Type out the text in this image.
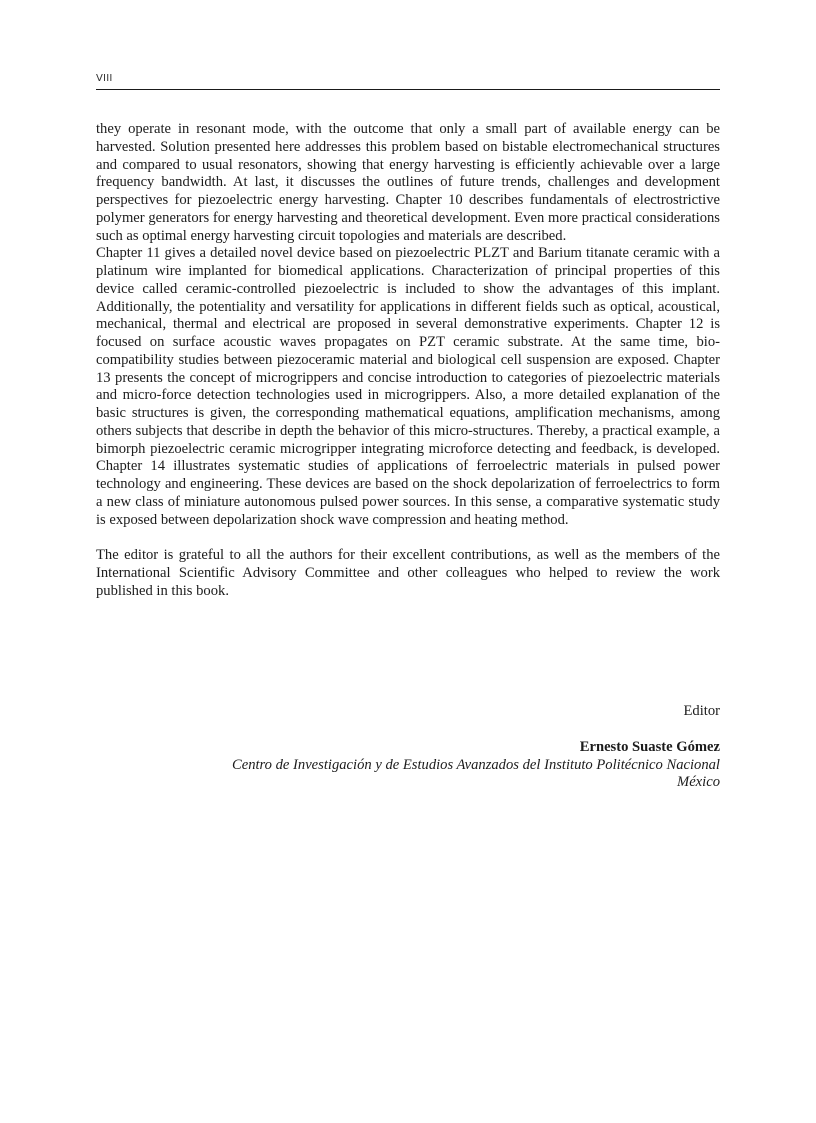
VIII

they operate in resonant mode, with the outcome that only a small part of available energy can be harvested. Solution presented here addresses this problem based on bistable electromechanical structures and compared to usual resonators, showing that energy harvesting is efficiently achievable over a large frequency bandwidth. At last, it discusses the outlines of future trends, challenges and development perspectives for piezoelectric energy harvesting. Chapter 10 describes fundamentals of electrostrictive polymer generators for energy harvesting and theoretical development. Even more practical considerations such as optimal energy harvesting circuit topologies and materials are described.

Chapter 11 gives a detailed novel device based on piezoelectric PLZT and Barium titanate ceramic with a platinum wire implanted for biomedical applications. Characterization of principal properties of this device called ceramic-controlled piezoelectric is included to show the advantages of this implant. Additionally, the potentiality and versatility for applications in different fields such as optical, acoustical, mechanical, thermal and electrical are proposed in several demonstrative experiments. Chapter 12 is focused on surface acoustic waves propagates on PZT ceramic substrate. At the same time, bio- compatibility studies between piezoceramic material and biological cell suspension are exposed. Chapter 13 presents the concept of microgrippers and concise introduction to categories of piezoelectric materials and micro-force detection technologies used in microgrippers. Also, a more detailed explanation of the basic structures is given, the corresponding mathematical equations, amplification mechanisms, among others subjects that describe in depth the behavior of this micro-structures. Thereby, a practical example, a bimorph piezoelectric ceramic microgripper integrating microforce detecting and feedback, is developed. Chapter 14 illustrates systematic studies of applications of ferroelectric materials in pulsed power technology and engineering. These devices are based on the shock depolarization of ferroelectrics to form a new class of miniature autonomous pulsed power sources. In this sense, a comparative systematic study is exposed between depolarization shock wave compression and heating method.

The editor is grateful to all the authors for their excellent contributions, as well as the members of the International Scientific Advisory Committee and other colleagues who helped to review the work published in this book.

Editor

Ernesto Suaste Gómez

Centro de Investigación y de Estudios Avanzados del Instituto Politécnico Nacional

México
